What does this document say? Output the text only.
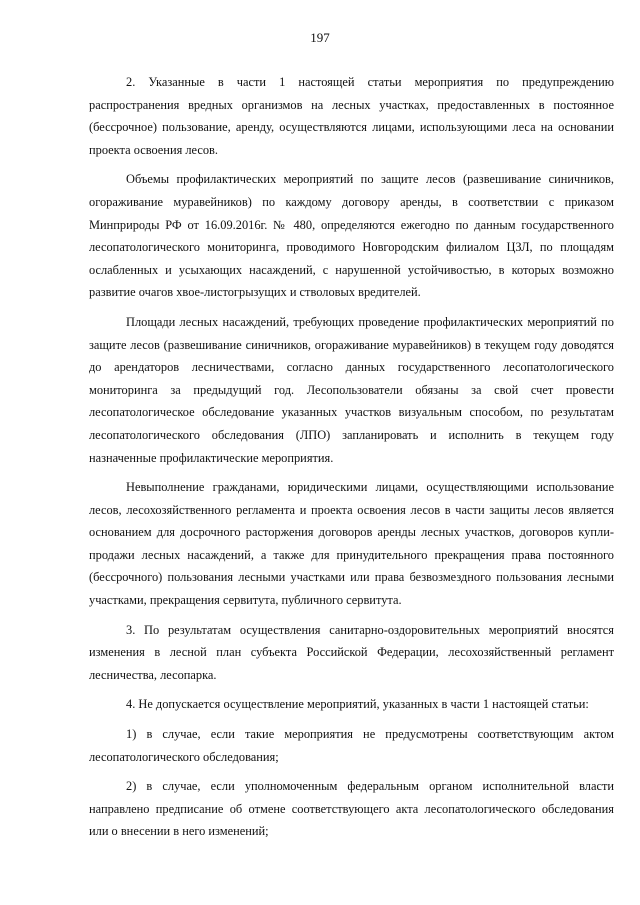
197

2. Указанные в части 1 настоящей статьи мероприятия по предупреждению распространения вредных организмов на лесных участках, предоставленных в постоянное (бессрочное) пользование, аренду, осуществляются лицами, использующими леса на основании проекта освоения лесов.

Объемы профилактических мероприятий по защите лесов (развешивание синичников, огораживание муравейников) по каждому договору аренды, в соответствии с приказом Минприроды РФ от 16.09.2016г. № 480, определяются ежегодно по данным государственного лесопатологического мониторинга, проводимого Новгородским филиалом ЦЗЛ, по площадям ослабленных и усыхающих насаждений, с нарушенной устойчивостью, в которых возможно развитие очагов хвое-листогрызущих и стволовых вредителей.

Площади лесных насаждений, требующих проведение профилактических мероприятий по защите лесов (развешивание синичников, огораживание муравейников) в текущем году доводятся до арендаторов лесничествами, согласно данных государственного лесопатологического мониторинга за предыдущий год. Лесопользователи обязаны за свой счет провести лесопатологическое обследование указанных участков визуальным способом, по результатам лесопатологического обследования (ЛПО) запланировать и исполнить в текущем году назначенные профилактические мероприятия.

Невыполнение гражданами, юридическими лицами, осуществляющими использование лесов, лесохозяйственного регламента и проекта освоения лесов в части защиты лесов является основанием для досрочного расторжения договоров аренды лесных участков, договоров купли-продажи лесных насаждений, а также для принудительного прекращения права постоянного (бессрочного) пользования лесными участками или права безвозмездного пользования лесными участками, прекращения сервитута, публичного сервитута.

3. По результатам осуществления санитарно-оздоровительных мероприятий вносятся изменения в лесной план субъекта Российской Федерации, лесохозяйственный регламент лесничества, лесопарка.

4. Не допускается осуществление мероприятий, указанных в части 1 настоящей статьи:

1) в случае, если такие мероприятия не предусмотрены соответствующим актом лесопатологического обследования;

2) в случае, если уполномоченным федеральным органом исполнительной власти направлено предписание об отмене соответствующего акта лесопатологического обследования или о внесении в него изменений;
